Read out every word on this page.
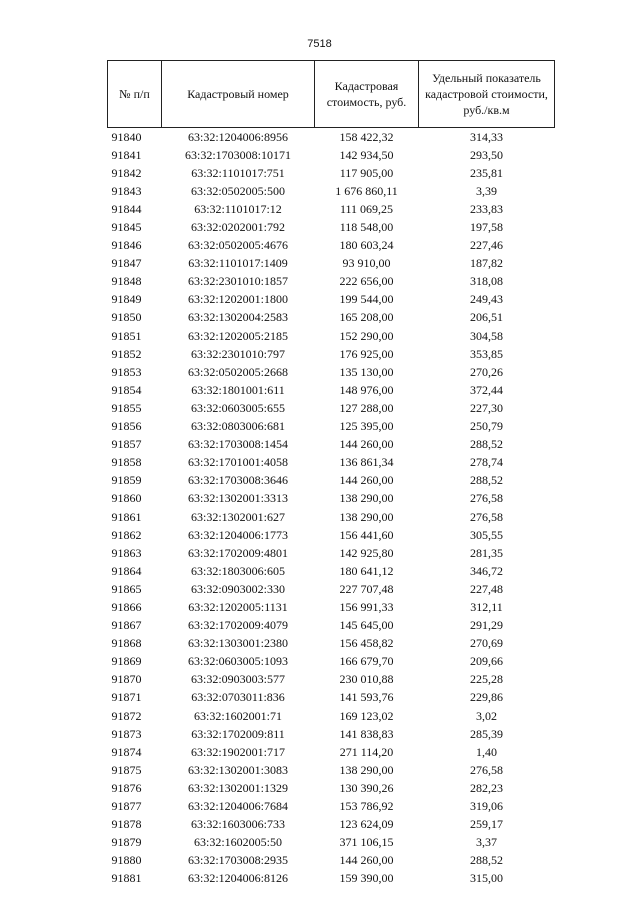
7518
№ п/п	Кадастровый номер	Кадастровая стоимость, руб.	Удельный показатель кадастровой стоимости, руб./кв.м
91840	63:32:1204006:8956	158 422,32	314,33
91841	63:32:1703008:10171	142 934,50	293,50
91842	63:32:1101017:751	117 905,00	235,81
91843	63:32:0502005:500	1 676 860,11	3,39
91844	63:32:1101017:12	111 069,25	233,83
91845	63:32:0202001:792	118 548,00	197,58
91846	63:32:0502005:4676	180 603,24	227,46
91847	63:32:1101017:1409	93 910,00	187,82
91848	63:32:2301010:1857	222 656,00	318,08
91849	63:32:1202001:1800	199 544,00	249,43
91850	63:32:1302004:2583	165 208,00	206,51
91851	63:32:1202005:2185	152 290,00	304,58
91852	63:32:2301010:797	176 925,00	353,85
91853	63:32:0502005:2668	135 130,00	270,26
91854	63:32:1801001:611	148 976,00	372,44
91855	63:32:0603005:655	127 288,00	227,30
91856	63:32:0803006:681	125 395,00	250,79
91857	63:32:1703008:1454	144 260,00	288,52
91858	63:32:1701001:4058	136 861,34	278,74
91859	63:32:1703008:3646	144 260,00	288,52
91860	63:32:1302001:3313	138 290,00	276,58
91861	63:32:1302001:627	138 290,00	276,58
91862	63:32:1204006:1773	156 441,60	305,55
91863	63:32:1702009:4801	142 925,80	281,35
91864	63:32:1803006:605	180 641,12	346,72
91865	63:32:0903002:330	227 707,48	227,48
91866	63:32:1202005:1131	156 991,33	312,11
91867	63:32:1702009:4079	145 645,00	291,29
91868	63:32:1303001:2380	156 458,82	270,69
91869	63:32:0603005:1093	166 679,70	209,66
91870	63:32:0903003:577	230 010,88	225,28
91871	63:32:0703011:836	141 593,76	229,86
91872	63:32:1602001:71	169 123,02	3,02
91873	63:32:1702009:811	141 838,83	285,39
91874	63:32:1902001:717	271 114,20	1,40
91875	63:32:1302001:3083	138 290,00	276,58
91876	63:32:1302001:1329	130 390,26	282,23
91877	63:32:1204006:7684	153 786,92	319,06
91878	63:32:1603006:733	123 624,09	259,17
91879	63:32:1602005:50	371 106,15	3,37
91880	63:32:1703008:2935	144 260,00	288,52
91881	63:32:1204006:8126	159 390,00	315,00
